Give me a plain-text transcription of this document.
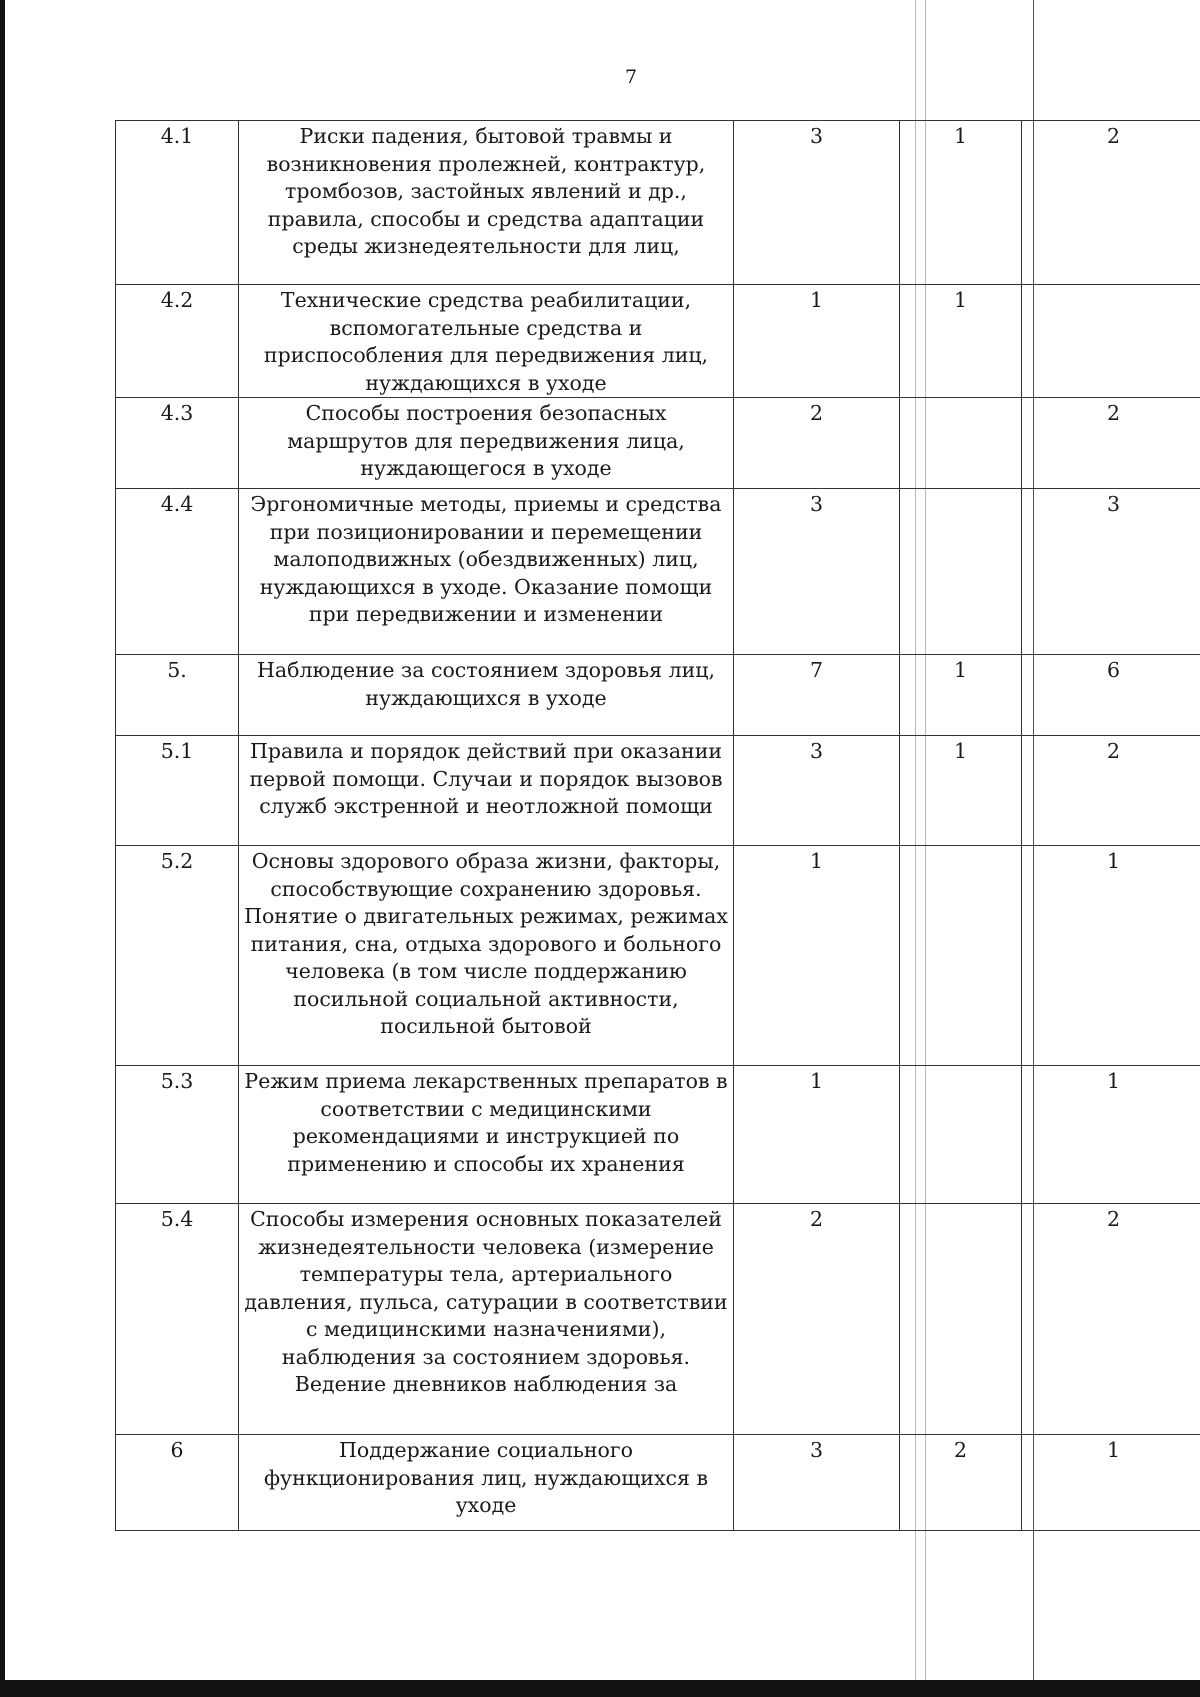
7
4.1	Риски падения, бытовой травмы и возникновения пролежней, контрактур, тромбозов, застойных явлений и др., правила, способы и средства адаптации среды жизнедеятельности для лиц,	3	1	2
4.2	Технические средства реабилитации, вспомогательные средства и приспособления для передвижения лиц, нуждающихся в уходе	1	1	
4.3	Способы построения безопасных маршрутов для передвижения лица, нуждающегося в уходе	2		2
4.4	Эргономичные методы, приемы и средства при позиционировании и перемещении малоподвижных (обездвиженных) лиц, нуждающихся в уходе. Оказание помощи при передвижении и изменении	3		3
5.	Наблюдение за состоянием здоровья лиц, нуждающихся в уходе	7	1	6
5.1	Правила и порядок действий при оказании первой помощи. Случаи и порядок вызовов служб экстренной и неотложной помощи	3	1	2
5.2	Основы здорового образа жизни, факторы, способствующие сохранению здоровья. Понятие о двигательных режимах, режимах питания, сна, отдыха здорового и больного человека (в том числе поддержанию посильной социальной активности, посильной бытовой	1		1
5.3	Режим приема лекарственных препаратов в соответствии с медицинскими рекомендациями и инструкцией по применению и способы их хранения	1		1
5.4	Способы измерения основных показателей жизнедеятельности человека (измерение температуры тела, артериального давления, пульса, сатурации в соответствии с медицинскими назначениями), наблюдения за состоянием здоровья. Ведение дневников наблюдения за	2		2
6	Поддержание социального функционирования лиц, нуждающихся в уходе	3	2	1
